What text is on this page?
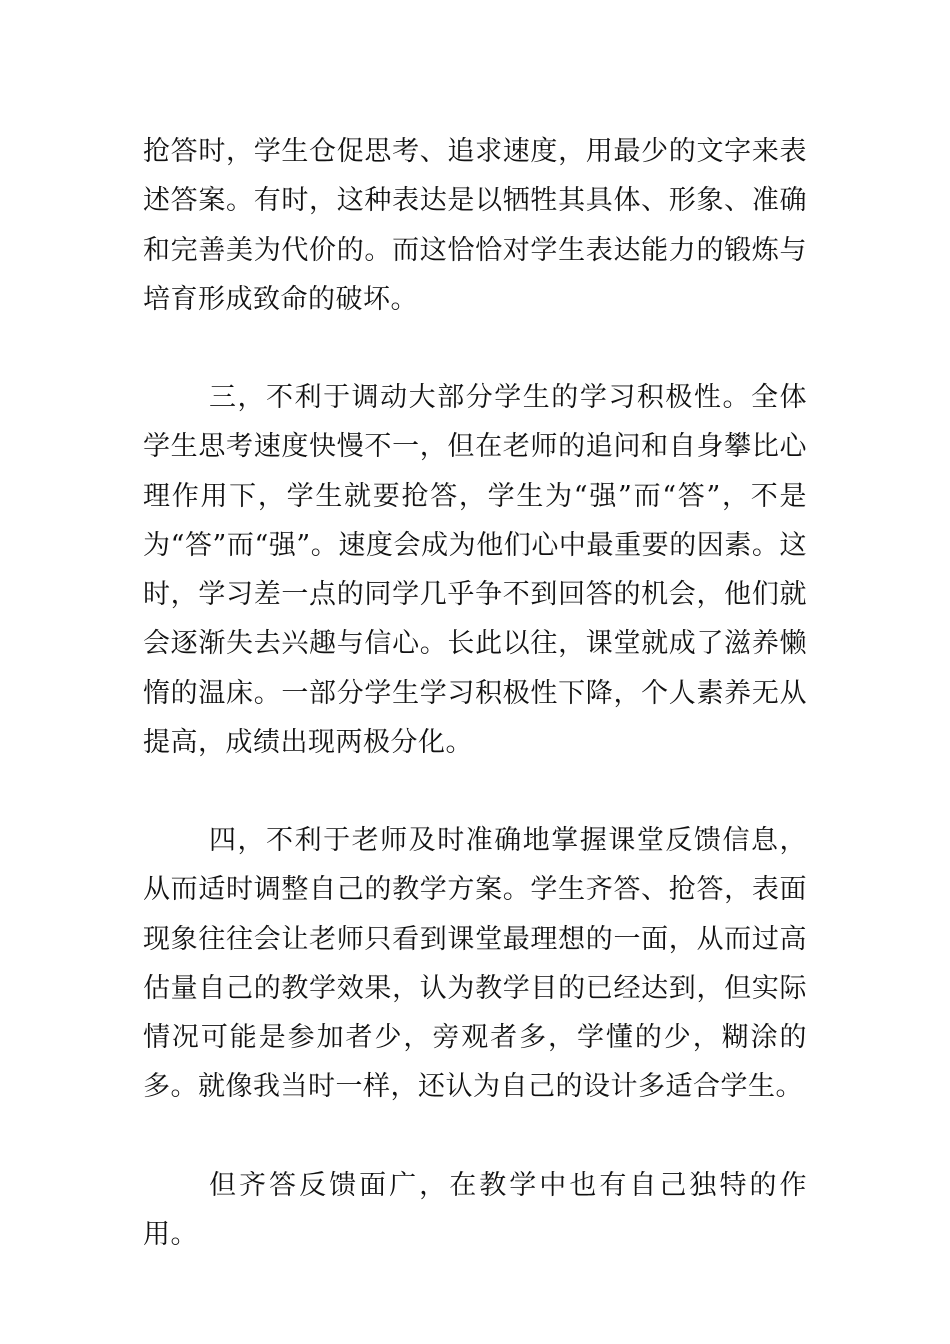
抢答时，学生仓促思考、追求速度，用最少的文字来表述答案。有时，这种表达是以牺牲其具体、形象、准确和完善美为代价的。而这恰恰对学生表达能力的锻炼与培育形成致命的破坏。

三，不利于调动大部分学生的学习积极性。全体学生思考速度快慢不一，但在老师的追问和自身攀比心理作用下，学生就要抢答，学生为“强”而“答”，不是为“答”而“强”。速度会成为他们心中最重要的因素。这时，学习差一点的同学几乎争不到回答的机会，他们就会逐渐失去兴趣与信心。长此以往，课堂就成了滋养懒惰的温床。一部分学生学习积极性下降，个人素养无从提高，成绩出现两极分化。

四，不利于老师及时准确地掌握课堂反馈信息，从而适时调整自己的教学方案。学生齐答、抢答，表面现象往往会让老师只看到课堂最理想的一面，从而过高估量自己的教学效果，认为教学目的已经达到，但实际情况可能是参加者少，旁观者多，学懂的少，糊涂的多。就像我当时一样，还认为自己的设计多适合学生。

但齐答反馈面广，在教学中也有自己独特的作用。
